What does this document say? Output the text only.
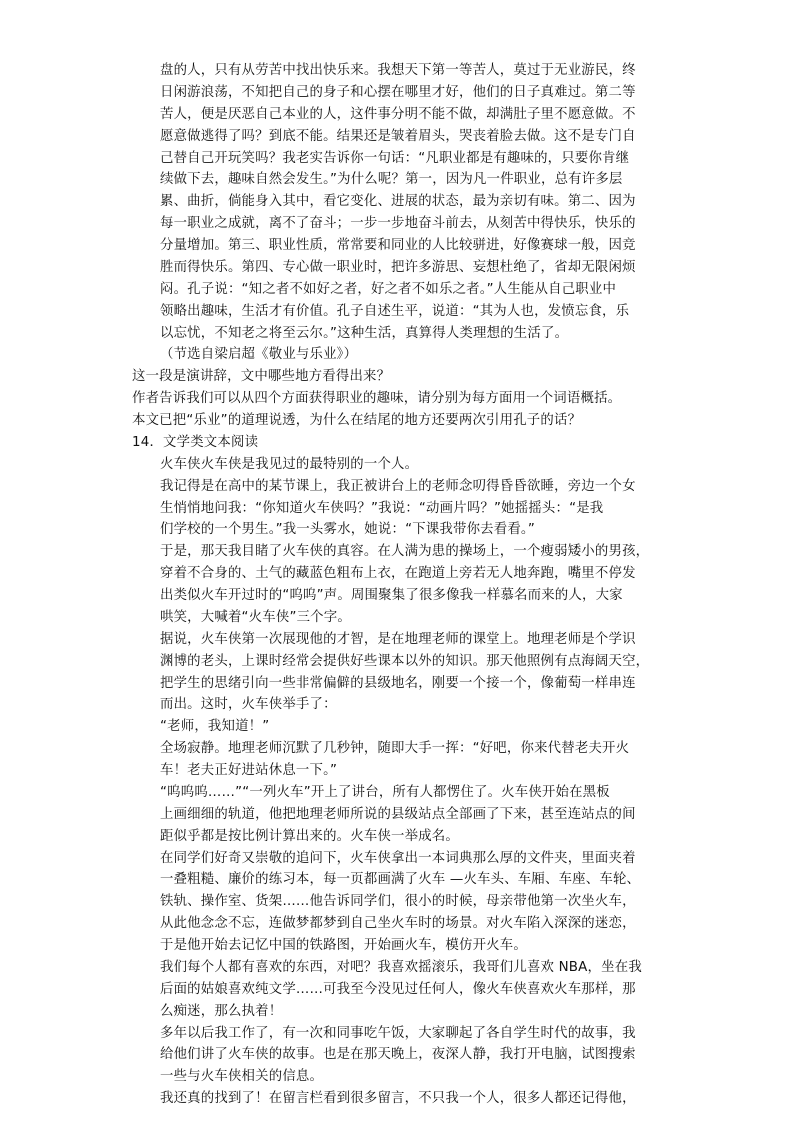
盘的人，只有从劳苦中找出快乐来。我想天下第一等苦人，莫过于无业游民，终
日闲游浪荡，不知把自己的身子和心摆在哪里才好，他们的日子真难过。第二等
苦人，便是厌恶自己本业的人，这件事分明不能不做，却满肚子里不愿意做。不
愿意做逃得了吗？到底不能。结果还是皱着眉头，哭丧着脸去做。这不是专门自
己替自己开玩笑吗？我老实告诉你一句话：“凡职业都是有趣味的，只要你肯继
续做下去，趣味自然会发生。”为什么呢？第一，因为凡一件职业，总有许多层
累、曲折，倘能身入其中，看它变化、进展的状态，最为亲切有味。第二、因为
每一职业之成就，离不了奋斗；一步一步地奋斗前去，从刻苦中得快乐，快乐的
分量增加。第三、职业性质，常常要和同业的人比较骈进，好像赛球一般，因竞
胜而得快乐。第四、专心做一职业时，把许多游思、妄想杜绝了，省却无限闲烦
闷。孔子说：“知之者不如好之者，好之者不如乐之者。”人生能从自己职业中
领略出趣味，生活才有价值。孔子自述生平，说道：“其为人也，发愤忘食，乐
以忘忧，不知老之将至云尔。”这种生活，真算得人类理想的生活了。
（节选自梁启超《敬业与乐业》）
这一段是演讲辞，文中哪些地方看得出来？
作者告诉我们可以从四个方面获得职业的趣味，请分别为每方面用一个词语概括。
本文已把“乐业”的道理说透，为什么在结尾的地方还要两次引用孔子的话？
14．文学类文本阅读
火车侠火车侠是我见过的最特别的一个人。
我记得是在高中的某节课上，我正被讲台上的老师念叨得昏昏欲睡，旁边一个女
生悄悄地问我：“你知道火车侠吗？”我说：“动画片吗？”她摇摇头：“是我
们学校的一个男生。”我一头雾水，她说：“下课我带你去看看。”
于是，那天我目睹了火车侠的真容。在人满为患的操场上，一个瘦弱矮小的男孩，
穿着不合身的、土气的藏蓝色粗布上衣，在跑道上旁若无人地奔跑，嘴里不停发
出类似火车开过时的“呜呜”声。周围聚集了很多像我一样慕名而来的人，大家
哄笑，大喊着“火车侠”三个字。
据说，火车侠第一次展现他的才智，是在地理老师的课堂上。地理老师是个学识
渊博的老头，上课时经常会提供好些课本以外的知识。那天他照例有点海阔天空，
把学生的思绪引向一些非常偏僻的县级地名，刚要一个接一个，像葡萄一样串连
而出。这时，火车侠举手了：
“老师，我知道！”
全场寂静。地理老师沉默了几秒钟，随即大手一挥：“好吧，你来代替老夫开火
车！老夫正好进站休息一下。”
“呜呜呜……”“一列火车”开上了讲台，所有人都愣住了。火车侠开始在黑板
上画细细的轨道，他把地理老师所说的县级站点全部画了下来，甚至连站点的间
距似乎都是按比例计算出来的。火车侠一举成名。
在同学们好奇又崇敬的追问下，火车侠拿出一本词典那么厚的文件夹，里面夹着
一叠粗糙、廉价的练习本，每一页都画满了火车 —火车头、车厢、车座、车轮、
铁轨、操作室、货架……他告诉同学们，很小的时候，母亲带他第一次坐火车，
从此他念念不忘，连做梦都梦到自己坐火车时的场景。对火车陷入深深的迷恋，
于是他开始去记忆中国的铁路图，开始画火车，模仿开火车。
我们每个人都有喜欢的东西，对吧？我喜欢摇滚乐，我哥们儿喜欢 NBA，坐在我
后面的姑娘喜欢纯文学……可我至今没见过任何人，像火车侠喜欢火车那样，那
么痴迷，那么执着！
多年以后我工作了，有一次和同事吃午饭，大家聊起了各自学生时代的故事，我
给他们讲了火车侠的故事。也是在那天晚上，夜深人静，我打开电脑，试图搜索
一些与火车侠相关的信息。
我还真的找到了！在留言栏看到很多留言，不只我一个人，很多人都还记得他，
